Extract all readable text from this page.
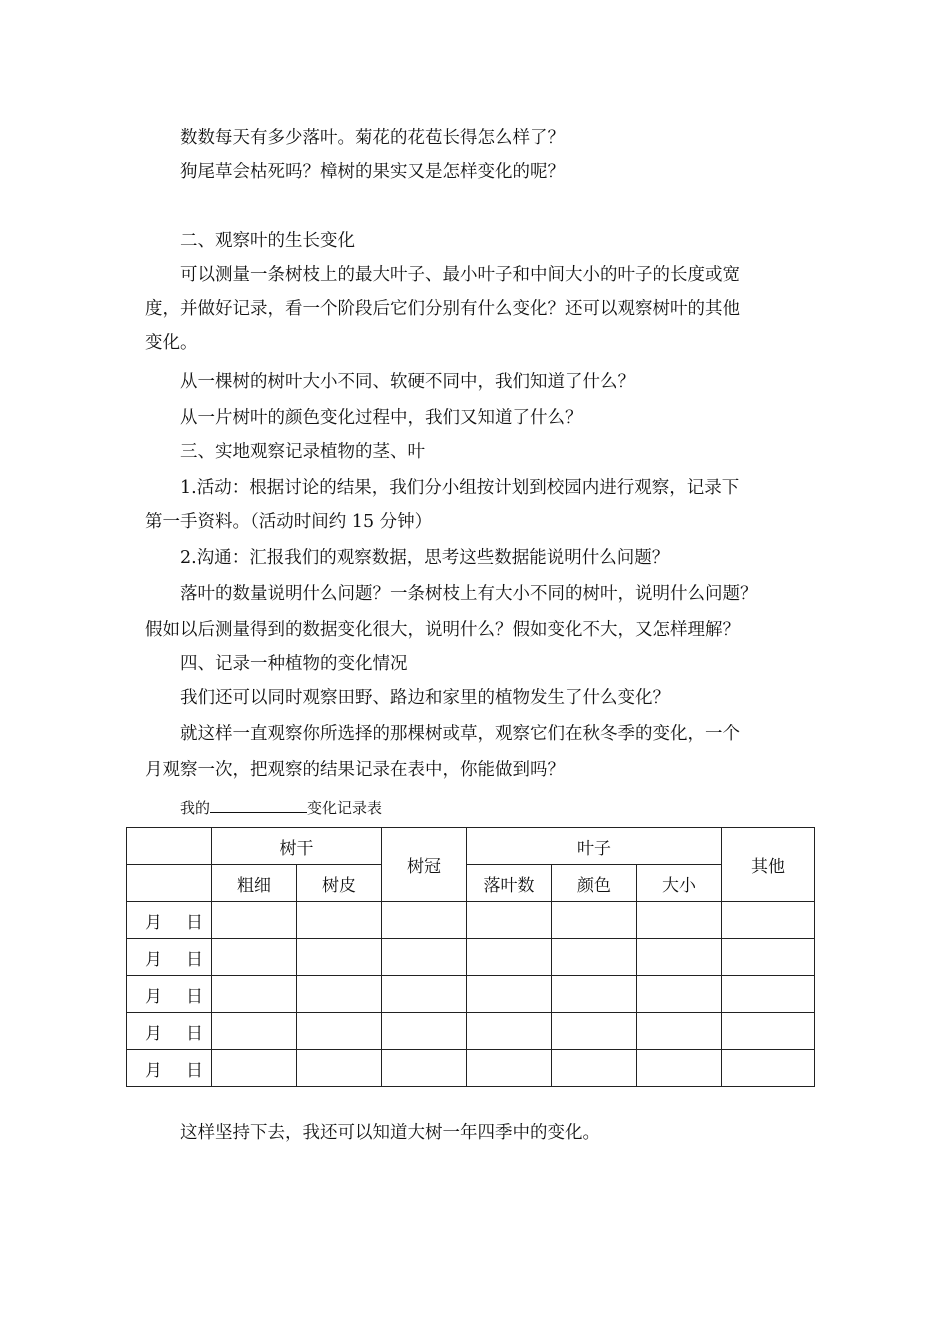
数数每天有多少落叶。菊花的花苞长得怎么样了？
狗尾草会枯死吗？樟树的果实又是怎样变化的呢？
二、观察叶的生长变化
可以测量一条树枝上的最大叶子、最小叶子和中间大小的叶子的长度或宽
度，并做好记录，看一个阶段后它们分别有什么变化？还可以观察树叶的其他
变化。
从一棵树的树叶大小不同、软硬不同中，我们知道了什么？
从一片树叶的颜色变化过程中，我们又知道了什么？
三、实地观察记录植物的茎、叶
1.活动：根据讨论的结果，我们分小组按计划到校园内进行观察，记录下
第一手资料。（活动时间约 15 分钟）
2.沟通：汇报我们的观察数据，思考这些数据能说明什么问题？
落叶的数量说明什么问题？一条树枝上有大小不同的树叶，说明什么问题？
假如以后测量得到的数据变化很大，说明什么？假如变化不大，又怎样理解？
四、记录一种植物的变化情况
我们还可以同时观察田野、路边和家里的植物发生了什么变化？
就这样一直观察你所选择的那棵树或草，观察它们在秋冬季的变化，一个
月观察一次，把观察的结果记录在表中，你能做到吗？
我的	变化记录表
	树干		树冠	叶子			其他
	粗细	树皮		落叶数	颜色	大小	
月 日							
月 日							
月 日							
月 日							
月 日							
这样坚持下去，我还可以知道大树一年四季中的变化。
